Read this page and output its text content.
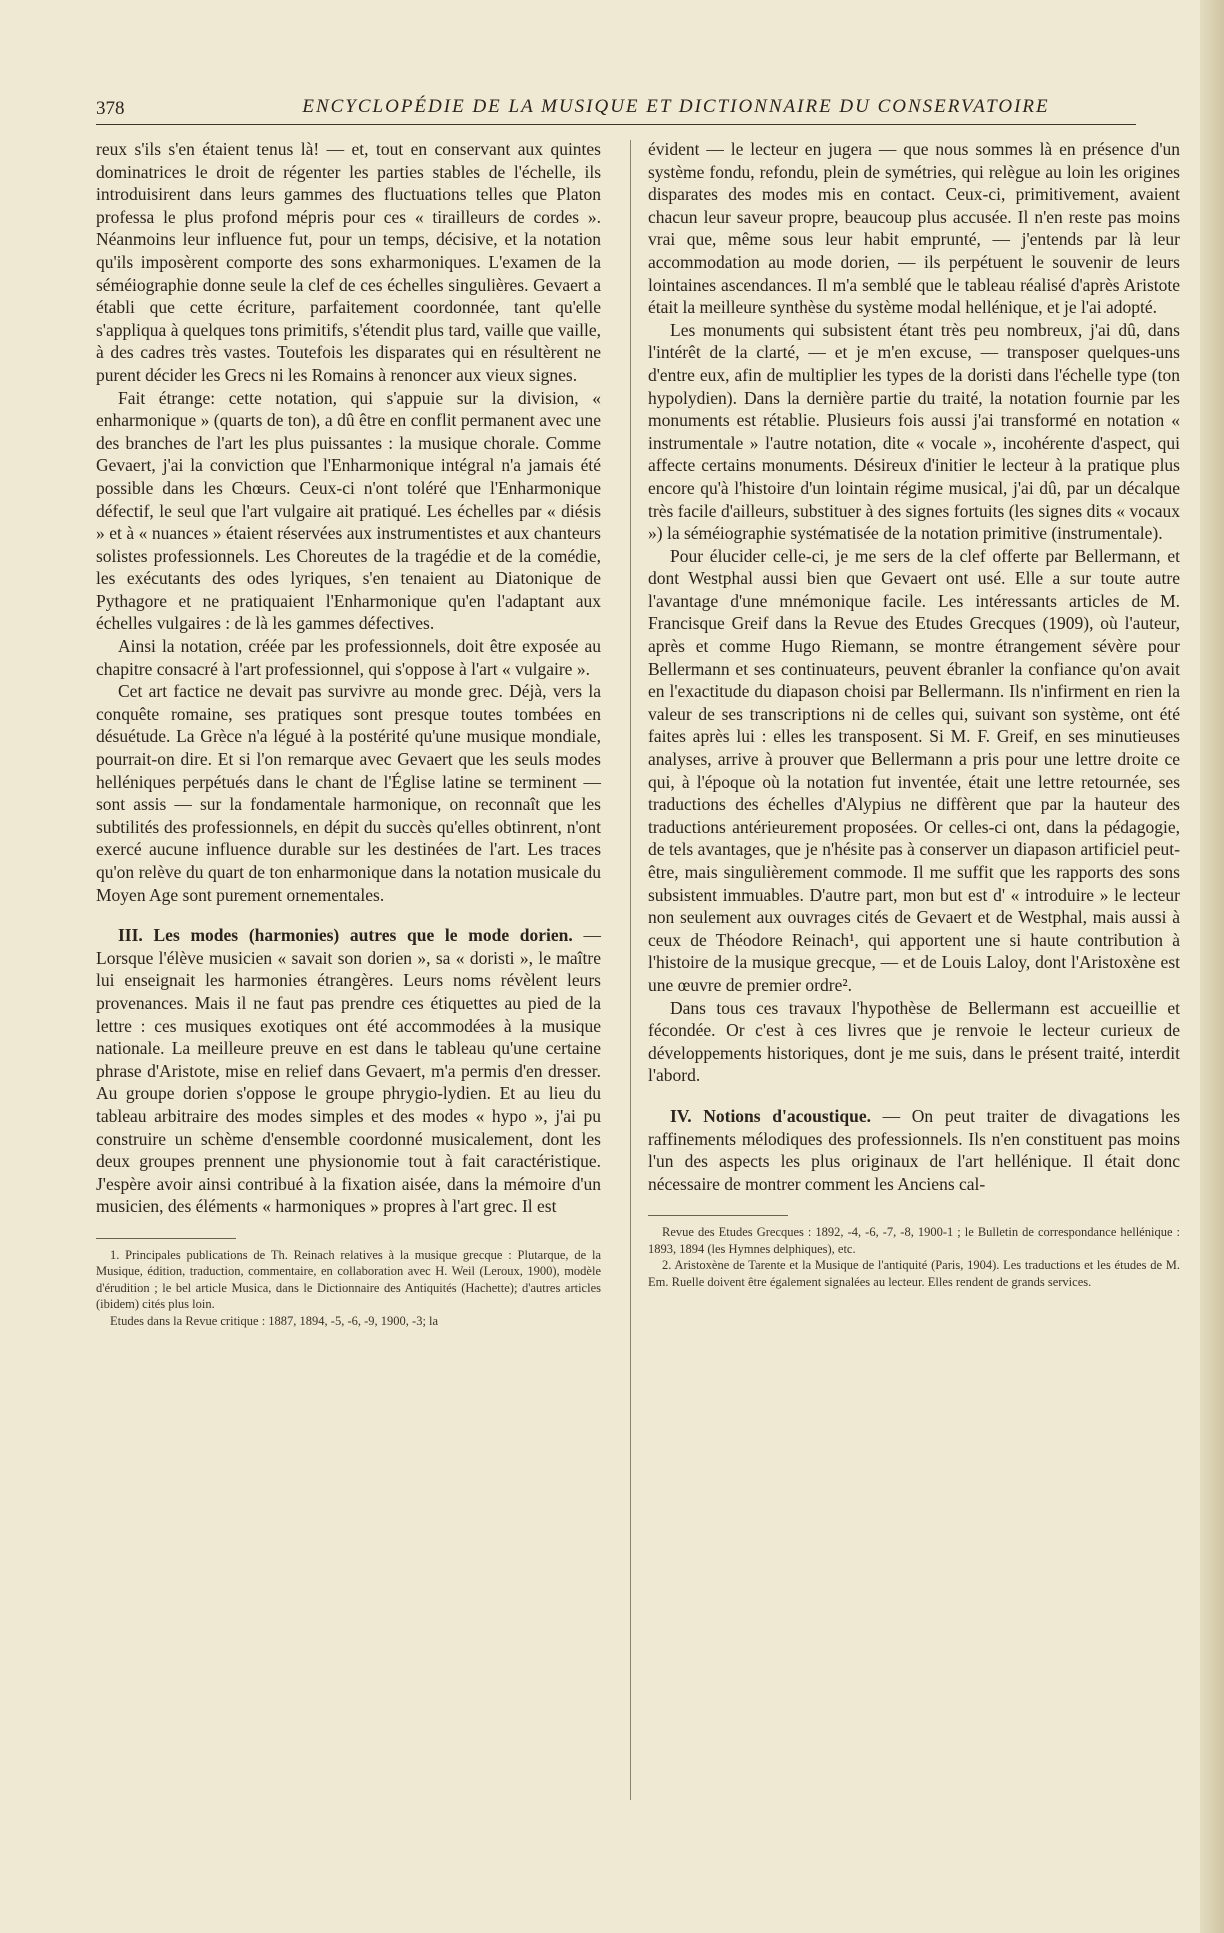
378	ENCYCLOPÉDIE DE LA MUSIQUE ET DICTIONNAIRE DU CONSERVATOIRE

reux s'ils s'en étaient tenus là! — et, tout en conservant aux quintes dominatrices le droit de régenter les parties stables de l'échelle, ils introduisirent dans leurs gammes des fluctuations telles que Platon professa le plus profond mépris pour ces « tirailleurs de cordes ». Néanmoins leur influence fut, pour un temps, décisive, et la notation qu'ils imposèrent comporte des sons exharmoniques. L'examen de la séméiographie donne seule la clef de ces échelles singulières. Gevaert a établi que cette écriture, parfaitement coordonnée, tant qu'elle s'appliqua à quelques tons primitifs, s'étendit plus tard, vaille que vaille, à des cadres très vastes. Toutefois les disparates qui en résultèrent ne purent décider les Grecs ni les Romains à renoncer aux vieux signes.

Fait étrange: cette notation, qui s'appuie sur la division, « enharmonique » (quarts de ton), a dû être en conflit permanent avec une des branches de l'art les plus puissantes : la musique chorale. Comme Gevaert, j'ai la conviction que l'Enharmonique intégral n'a jamais été possible dans les Chœurs. Ceux-ci n'ont toléré que l'Enharmonique défectif, le seul que l'art vulgaire ait pratiqué. Les échelles par « diésis » et à « nuances » étaient réservées aux instrumentistes et aux chanteurs solistes professionnels. Les Choreutes de la tragédie et de la comédie, les exécutants des odes lyriques, s'en tenaient au Diatonique de Pythagore et ne pratiquaient l'Enharmonique qu'en l'adaptant aux échelles vulgaires : de là les gammes défectives.

Ainsi la notation, créée par les professionnels, doit être exposée au chapitre consacré à l'art professionnel, qui s'oppose à l'art « vulgaire ».

Cet art factice ne devait pas survivre au monde grec. Déjà, vers la conquête romaine, ses pratiques sont presque toutes tombées en désuétude. La Grèce n'a légué à la postérité qu'une musique mondiale, pourrait-on dire. Et si l'on remarque avec Gevaert que les seuls modes helléniques perpétués dans le chant de l'Église latine se terminent — sont assis — sur la fondamentale harmonique, on reconnaît que les subtilités des professionnels, en dépit du succès qu'elles obtinrent, n'ont exercé aucune influence durable sur les destinées de l'art. Les traces qu'on relève du quart de ton enharmonique dans la notation musicale du Moyen Age sont purement ornementales.

III. Les modes (harmonies) autres que le mode dorien. — Lorsque l'élève musicien « savait son dorien », sa « doristi », le maître lui enseignait les harmonies étrangères. Leurs noms révèlent leurs provenances. Mais il ne faut pas prendre ces étiquettes au pied de la lettre : ces musiques exotiques ont été accommodées à la musique nationale. La meilleure preuve en est dans le tableau qu'une certaine phrase d'Aristote, mise en relief dans Gevaert, m'a permis d'en dresser. Au groupe dorien s'oppose le groupe phrygio-lydien. Et au lieu du tableau arbitraire des modes simples et des modes « hypo », j'ai pu construire un schème d'ensemble coordonné musicalement, dont les deux groupes prennent une physionomie tout à fait caractéristique. J'espère avoir ainsi contribué à la fixation aisée, dans la mémoire d'un musicien, des éléments « harmoniques » propres à l'art grec. Il est

1. Principales publications de Th. Reinach relatives à la musique grecque : Plutarque, de la Musique, édition, traduction, commentaire, en collaboration avec H. Weil (Leroux, 1900), modèle d'érudition ; le bel article Musica, dans le Dictionnaire des Antiquités (Hachette); d'autres articles (ibidem) cités plus loin.

Etudes dans la Revue critique : 1887, 1894, -5, -6, -9, 1900, -3; la

évident — le lecteur en jugera — que nous sommes là en présence d'un système fondu, refondu, plein de symétries, qui relègue au loin les origines disparates des modes mis en contact. Ceux-ci, primitivement, avaient chacun leur saveur propre, beaucoup plus accusée. Il n'en reste pas moins vrai que, même sous leur habit emprunté, — j'entends par là leur accommodation au mode dorien, — ils perpétuent le souvenir de leurs lointaines ascendances. Il m'a semblé que le tableau réalisé d'après Aristote était la meilleure synthèse du système modal hellénique, et je l'ai adopté.

Les monuments qui subsistent étant très peu nombreux, j'ai dû, dans l'intérêt de la clarté, — et je m'en excuse, — transposer quelques-uns d'entre eux, afin de multiplier les types de la doristi dans l'échelle type (ton hypolydien). Dans la dernière partie du traité, la notation fournie par les monuments est rétablie. Plusieurs fois aussi j'ai transformé en notation « instrumentale » l'autre notation, dite « vocale », incohérente d'aspect, qui affecte certains monuments. Désireux d'initier le lecteur à la pratique plus encore qu'à l'histoire d'un lointain régime musical, j'ai dû, par un décalque très facile d'ailleurs, substituer à des signes fortuits (les signes dits « vocaux ») la séméiographie systématisée de la notation primitive (instrumentale).

Pour élucider celle-ci, je me sers de la clef offerte par Bellermann, et dont Westphal aussi bien que Gevaert ont usé. Elle a sur toute autre l'avantage d'une mnémonique facile. Les intéressants articles de M. Francisque Greif dans la Revue des Etudes Grecques (1909), où l'auteur, après et comme Hugo Riemann, se montre étrangement sévère pour Bellermann et ses continuateurs, peuvent ébranler la confiance qu'on avait en l'exactitude du diapason choisi par Bellermann. Ils n'infirment en rien la valeur de ses transcriptions ni de celles qui, suivant son système, ont été faites après lui : elles les transposent. Si M. F. Greif, en ses minutieuses analyses, arrive à prouver que Bellermann a pris pour une lettre droite ce qui, à l'époque où la notation fut inventée, était une lettre retournée, ses traductions des échelles d'Alypius ne diffèrent que par la hauteur des traductions antérieurement proposées. Or celles-ci ont, dans la pédagogie, de tels avantages, que je n'hésite pas à conserver un diapason artificiel peut-être, mais singulièrement commode. Il me suffit que les rapports des sons subsistent immuables. D'autre part, mon but est d' « introduire » le lecteur non seulement aux ouvrages cités de Gevaert et de Westphal, mais aussi à ceux de Théodore Reinach¹, qui apportent une si haute contribution à l'histoire de la musique grecque, — et de Louis Laloy, dont l'Aristoxène est une œuvre de premier ordre².

Dans tous ces travaux l'hypothèse de Bellermann est accueillie et fécondée. Or c'est à ces livres que je renvoie le lecteur curieux de développements historiques, dont je me suis, dans le présent traité, interdit l'abord.

IV. Notions d'acoustique. — On peut traiter de divagations les raffinements mélodiques des professionnels. Ils n'en constituent pas moins l'un des aspects les plus originaux de l'art hellénique. Il était donc nécessaire de montrer comment les Anciens cal-

Revue des Etudes Grecques : 1892, -4, -6, -7, -8, 1900-1 ; le Bulletin de correspondance hellénique : 1893, 1894 (les Hymnes delphiques), etc.

2. Aristoxène de Tarente et la Musique de l'antiquité (Paris, 1904). Les traductions et les études de M. Em. Ruelle doivent être également signalées au lecteur. Elles rendent de grands services.
